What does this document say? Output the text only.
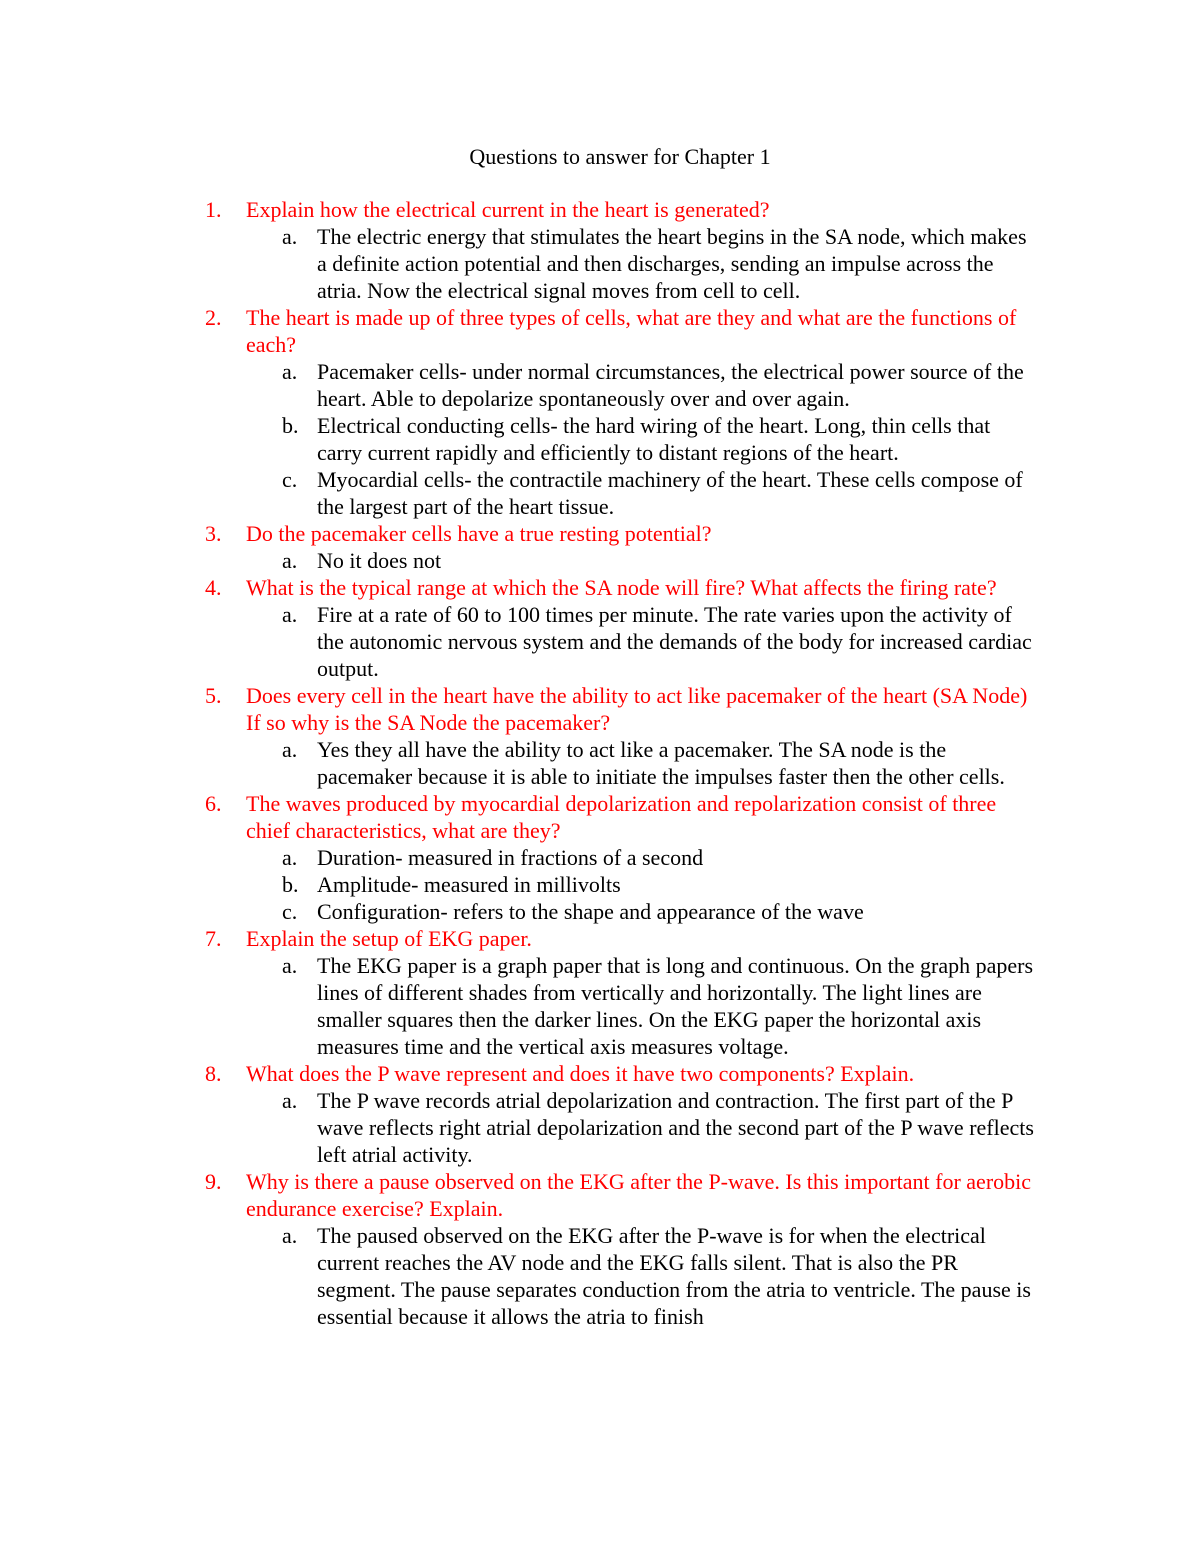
Questions to answer for Chapter 1
1.	Explain how the electrical current in the heart is generated?
a. The electric energy that stimulates the heart begins in the SA node, which makes a definite action potential and then discharges, sending an impulse across the atria. Now the electrical signal moves from cell to cell.
2.	The heart is made up of three types of cells, what are they and what are the functions of each?
a. Pacemaker cells- under normal circumstances, the electrical power source of the heart. Able to depolarize spontaneously over and over again.
b. Electrical conducting cells- the hard wiring of the heart. Long, thin cells that carry current rapidly and efficiently to distant regions of the heart.
c. Myocardial cells- the contractile machinery of the heart. These cells compose of the largest part of the heart tissue.
3.	Do the pacemaker cells have a true resting potential?
a. No it does not
4.	What is the typical range at which the SA node will fire? What affects the firing rate?
a. Fire at a rate of 60 to 100 times per minute. The rate varies upon the activity of the autonomic nervous system and the demands of the body for increased cardiac output.
5.	Does every cell in the heart have the ability to act like pacemaker of the heart (SA Node) If so why is the SA Node the pacemaker?
a. Yes they all have the ability to act like a pacemaker. The SA node is the pacemaker because it is able to initiate the impulses faster then the other cells.
6.	The waves produced by myocardial depolarization and repolarization consist of three chief characteristics, what are they?
a. Duration- measured in fractions of a second
b. Amplitude- measured in millivolts
c. Configuration- refers to the shape and appearance of the wave
7.	Explain the setup of EKG paper.
a. The EKG paper is a graph paper that is long and continuous. On the graph papers lines of different shades from vertically and horizontally. The light lines are smaller squares then the darker lines. On the EKG paper the horizontal axis measures time and the vertical axis measures voltage.
8.	What does the P wave represent and does it have two components? Explain.
a. The P wave records atrial depolarization and contraction. The first part of the P wave reflects right atrial depolarization and the second part of the P wave reflects left atrial activity.
9.	Why is there a pause observed on the EKG after the P-wave. Is this important for aerobic endurance exercise? Explain.
a. The paused observed on the EKG after the P-wave is for when the electrical current reaches the AV node and the EKG falls silent. That is also the PR segment. The pause separates conduction from the atria to ventricle. The pause is essential because it allows the atria to finish
